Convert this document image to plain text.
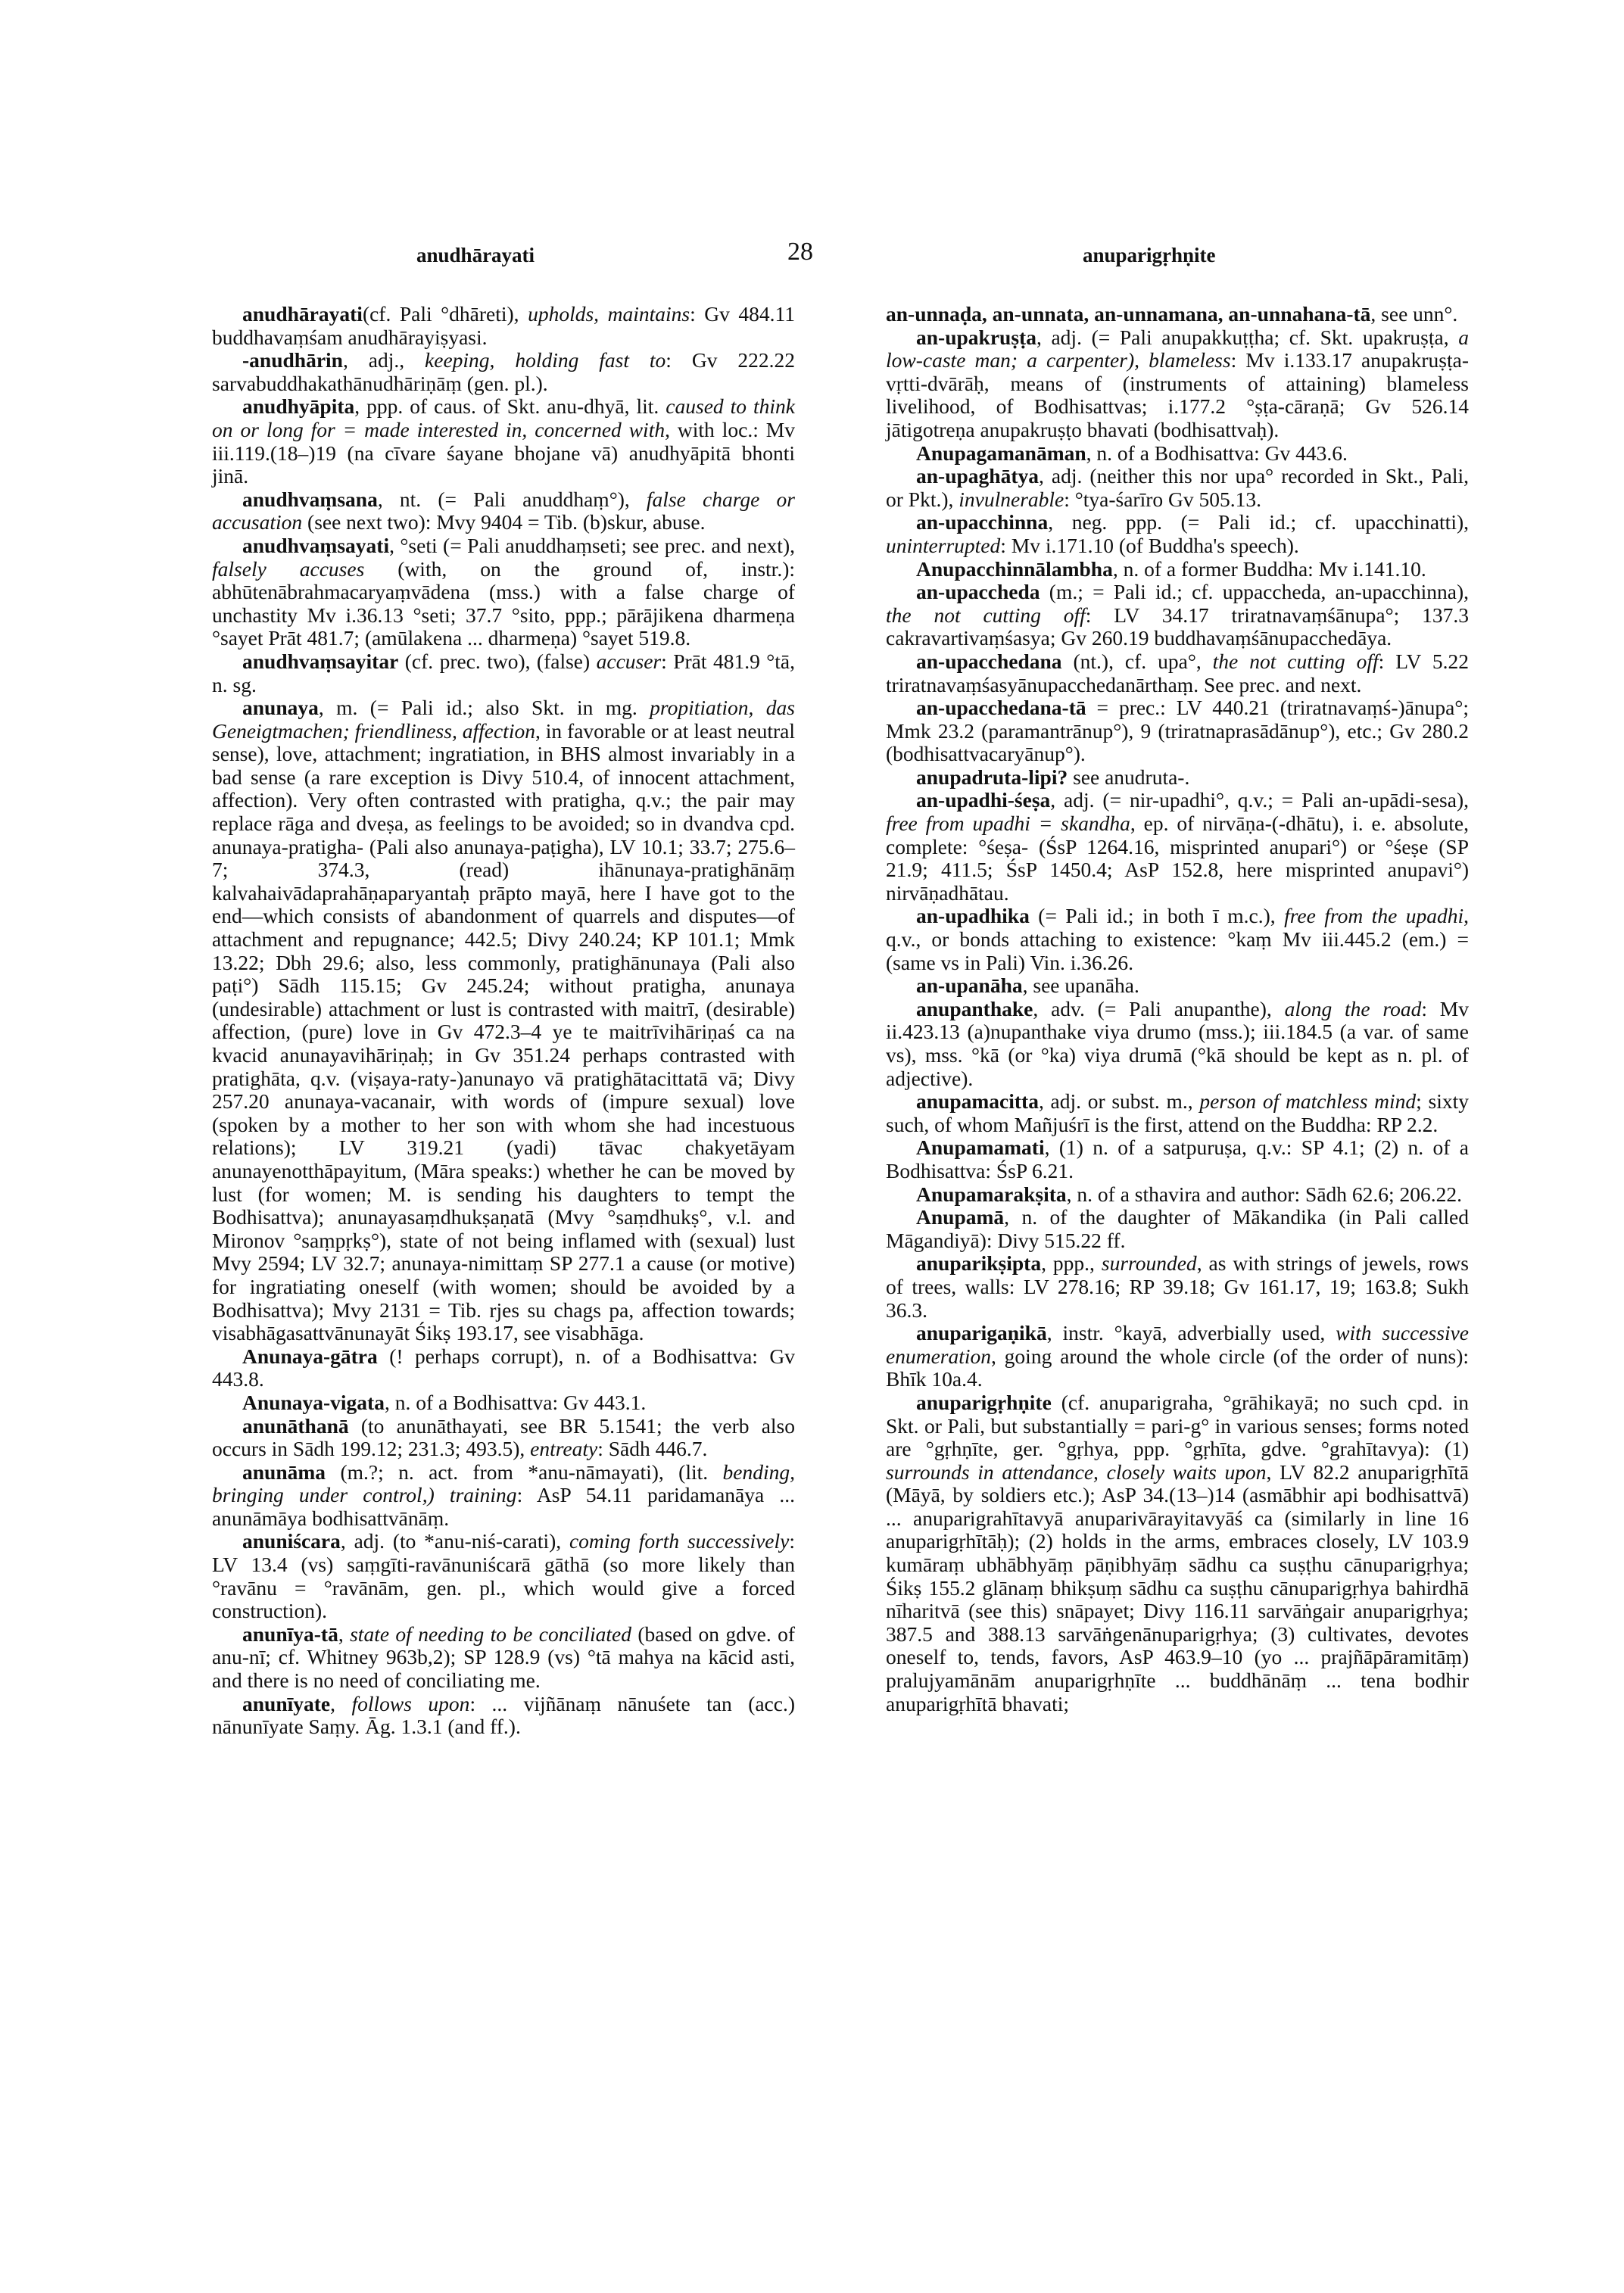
anudhārayati	28	anuparigṛhṇite

anudhārayati(cf. Pali °dhāreti), upholds, maintains: Gv 484.11 buddhavaṃśam anudhārayiṣyasi.

-anudhārin, adj., keeping, holding fast to: Gv 222.22 sarvabuddhakathānudhāriṇāṃ (gen. pl.).

anudhyāpita, ppp. of caus. of Skt. anu-dhyā, lit. caused to think on or long for = made interested in, concerned with, with loc.: Mv iii.119.(18–)19 (na cīvare śayane bhojane vā) anudhyāpitā bhonti jinā.

anudhvaṃsana, nt. (= Pali anuddhaṃ°), false charge or accusation (see next two): Mvy 9404 = Tib. (b)skur, abuse.

anudhvaṃsayati, °seti (= Pali anuddhaṃseti; see prec. and next), falsely accuses (with, on the ground of, instr.): abhūtenābrahmacaryaṃvādena (mss.) with a false charge of unchastity Mv i.36.13 °seti; 37.7 °sito, ppp.; pārājikena dharmeṇa °sayet Prāt 481.7; (amūlakena ... dharmeṇa) °sayet 519.8.

anudhvaṃsayitar (cf. prec. two), (false) accuser: Prāt 481.9 °tā, n. sg.

anunaya, m. (= Pali id.; also Skt. in mg. propitiation, das Geneigtmachen; friendliness, affection, in favorable or at least neutral sense), love, attachment; ingratiation, in BHS almost invariably in a bad sense (a rare exception is Divy 510.4, of innocent attachment, affection). Very often contrasted with pratigha, q.v.; the pair may replace rāga and dveṣa, as feelings to be avoided; so in dvandva cpd. anunaya-pratigha- (Pali also anunaya-paṭigha), LV 10.1; 33.7; 275.6–7; 374.3, (read) ihānunaya-pratighānāṃ kalvahaivādaprahāṇaparyantaḥ prāpto mayā, here I have got to the end—which consists of abandonment of quarrels and disputes—of attachment and repugnance; 442.5; Divy 240.24; KP 101.1; Mmk 13.22; Dbh 29.6; also, less commonly, pratighānunaya (Pali also paṭi°) Sādh 115.15; Gv 245.24; without pratigha, anunaya (undesirable) attachment or lust is contrasted with maitrī, (desirable) affection, (pure) love in Gv 472.3–4 ye te maitrīvihāriṇaś ca na kvacid anunayavihāriṇaḥ; in Gv 351.24 perhaps contrasted with pratighāta, q.v. (viṣaya-raty-)anunayo vā pratighātacittatā vā; Divy 257.20 anunaya-vacanair, with words of (impure sexual) love (spoken by a mother to her son with whom she had incestuous relations); LV 319.21 (yadi) tāvac chakyetāyam anunayenotthāpayitum, (Māra speaks:) whether he can be moved by lust (for women; M. is sending his daughters to tempt the Bodhisattva); anunayasaṃdhukṣaṇatā (Mvy °saṃdhukṣ°, v.l. and Mironov °saṃpṛkṣ°), state of not being inflamed with (sexual) lust Mvy 2594; LV 32.7; anunaya-nimittaṃ SP 277.1 a cause (or motive) for ingratiating oneself (with women; should be avoided by a Bodhisattva); Mvy 2131 = Tib. rjes su chags pa, affection towards; visabhāgasattvānunayāt Śikṣ 193.17, see visabhāga.

Anunaya-gātra (! perhaps corrupt), n. of a Bodhisattva: Gv 443.8.

Anunaya-vigata, n. of a Bodhisattva: Gv 443.1.

anunāthanā (to anunāthayati, see BR 5.1541; the verb also occurs in Sādh 199.12; 231.3; 493.5), entreaty: Sādh 446.7.

anunāma (m.?; n. act. from *anu-nāmayati), (lit. bending, bringing under control,) training: AsP 54.11 paridamanāya ... anunāmāya bodhisattvānāṃ.

anuniścara, adj. (to *anu-niś-carati), coming forth successively: LV 13.4 (vs) saṃgīti-ravānuniścarā gāthā (so more likely than °ravānu = °ravānām, gen. pl., which would give a forced construction).

anunīya-tā, state of needing to be conciliated (based on gdve. of anu-nī; cf. Whitney 963b,2); SP 128.9 (vs) °tā mahya na kācid asti, and there is no need of conciliating me.

anunīyate, follows upon: ... vijñānaṃ nānuśete tan (acc.) nānunīyate Saṃy. Āg. 1.3.1 (and ff.).

an-unnaḍa, an-unnata, an-unnamana, an-unnahana-tā, see unn°.

an-upakruṣṭa, adj. (= Pali anupakkuṭṭha; cf. Skt. upakruṣṭa, a low-caste man; a carpenter), blameless: Mv i.133.17 anupakruṣṭa-vṛtti-dvārāḥ, means of (instruments of attaining) blameless livelihood, of Bodhisattvas; i.177.2 °ṣṭa-cāraṇā; Gv 526.14 jātigotreṇa anupakruṣṭo bhavati (bodhisattvaḥ).

Anupagamanāman, n. of a Bodhisattva: Gv 443.6.

an-upaghātya, adj. (neither this nor upa° recorded in Skt., Pali, or Pkt.), invulnerable: °tya-śarīro Gv 505.13.

an-upacchinna, neg. ppp. (= Pali id.; cf. upacchinatti), uninterrupted: Mv i.171.10 (of Buddha's speech).

Anupacchinnālambha, n. of a former Buddha: Mv i.141.10.

an-upaccheda (m.; = Pali id.; cf. uppaccheda, an-upacchinna), the not cutting off: LV 34.17 triratnavaṃśānupa°; 137.3 cakravartivaṃśasya; Gv 260.19 buddhavaṃśānupacchedāya.

an-upacchedana (nt.), cf. upa°, the not cutting off: LV 5.22 triratnavaṃśasyānupacchedanārthaṃ. See prec. and next.

an-upacchedana-tā = prec.: LV 440.21 (triratnavaṃś-)ānupa°; Mmk 23.2 (paramantrānup°), 9 (triratnaprasādānup°), etc.; Gv 280.2 (bodhisattvacaryānup°).

anupadruta-lipi? see anudruta-.

an-upadhi-śeṣa, adj. (= nir-upadhi°, q.v.; = Pali an-upādi-sesa), free from upadhi = skandha, ep. of nirvāṇa-(-dhātu), i. e. absolute, complete: °śeṣa- (ŚsP 1264.16, misprinted anupari°) or °śeṣe (SP 21.9; 411.5; ŚsP 1450.4; AsP 152.8, here misprinted anupavi°) nirvāṇadhātau.

an-upadhika (= Pali id.; in both ī m.c.), free from the upadhi, q.v., or bonds attaching to existence: °kaṃ Mv iii.445.2 (em.) = (same vs in Pali) Vin. i.36.26.

an-upanāha, see upanāha.

anupanthake, adv. (= Pali anupanthe), along the road: Mv ii.423.13 (a)nupanthake viya drumo (mss.); iii.184.5 (a var. of same vs), mss. °kā (or °ka) viya drumā (°kā should be kept as n. pl. of adjective).

anupamacitta, adj. or subst. m., person of matchless mind; sixty such, of whom Mañjuśrī is the first, attend on the Buddha: RP 2.2.

Anupamamati, (1) n. of a satpuruṣa, q.v.: SP 4.1; (2) n. of a Bodhisattva: ŚsP 6.21.

Anupamarakṣita, n. of a sthavira and author: Sādh 62.6; 206.22.

Anupamā, n. of the daughter of Mākandika (in Pali called Māgandiyā): Divy 515.22 ff.

anuparikṣipta, ppp., surrounded, as with strings of jewels, rows of trees, walls: LV 278.16; RP 39.18; Gv 161.17, 19; 163.8; Sukh 36.3.

anuparigaṇikā, instr. °kayā, adverbially used, with successive enumeration, going around the whole circle (of the order of nuns): Bhīk 10a.4.

anuparigṛhṇite (cf. anuparigraha, °grāhikayā; no such cpd. in Skt. or Pali, but substantially = pari-g° in various senses; forms noted are °gṛhṇīte, ger. °gṛhya, ppp. °gṛhīta, gdve. °grahītavya): (1) surrounds in attendance, closely waits upon, LV 82.2 anuparigṛhītā (Māyā, by soldiers etc.); AsP 34.(13–)14 (asmābhir api bodhisattvā) ... anuparigrahītavyā anuparivārayitavyāś ca (similarly in line 16 anuparigṛhītāḥ); (2) holds in the arms, embraces closely, LV 103.9 kumāraṃ ubhābhyāṃ pāṇibhyāṃ sādhu ca suṣṭhu cānuparigṛhya; Śikṣ 155.2 glānaṃ bhikṣuṃ sādhu ca suṣṭhu cānuparigṛhya bahirdhā nīharitvā (see this) snāpayet; Divy 116.11 sarvāṅgair anuparigṛhya; 387.5 and 388.13 sarvāṅgenānuparigṛhya; (3) cultivates, devotes oneself to, tends, favors, AsP 463.9–10 (yo ... prajñāpāramitāṃ) pralujyamānām anuparigṛhṇīte ... buddhānāṃ ... tena bodhir anuparigṛhītā bhavati;
